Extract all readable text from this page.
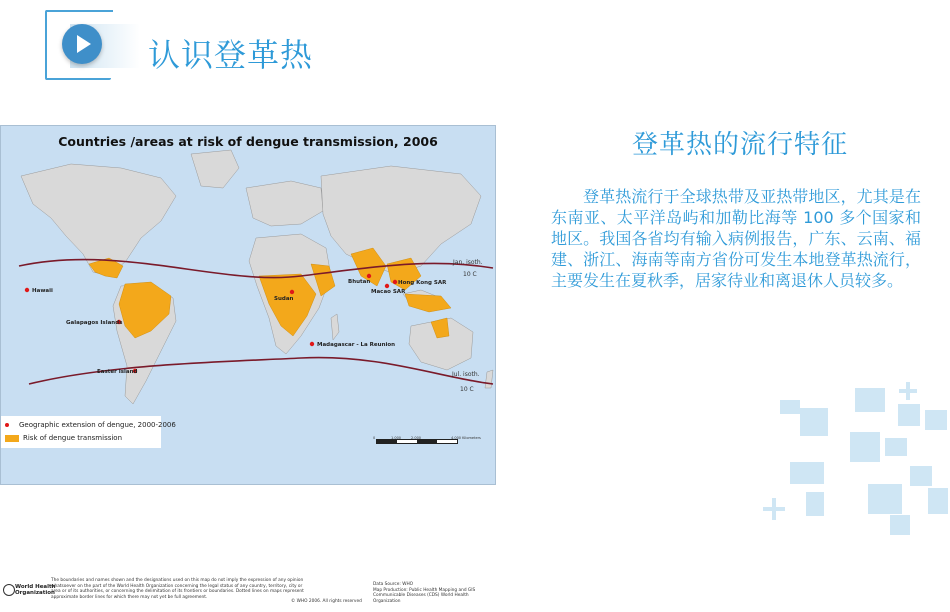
认识登革热
Hawaii
Galapagos Islands
Easter Island
Sudan
Madagascar - La Reunion
Bhutan
Macao SAR
Hong Kong SAR
Jan. isoth.
10 C
Jul. isoth.
10 C
Countries /areas at risk of dengue transmission, 2006
Geographic extension of dengue, 2000-2006
Risk of dengue transmission	0	1,000	2,000	4,000 Kilometers
World Health
Organization
The boundaries and names shown and the designations used on this map do not imply the expression of any opinion whatsoever on the part of the World Health Organization concerning the legal status of any country, territory, city or area or of its authorities, or concerning the delimitation of its frontiers or boundaries. Dotted lines on maps represent approximate border lines for which there may not yet be full agreement.
© WHO 2006. All rights reserved
Data Source: WHO
Map Production: Public Health Mapping and GIS
Communicable Diseases (CDS) World Health Organization
登革热的流行特征
登革热流行于全球热带及亚热带地区，尤其是在东南亚、太平洋岛屿和加勒比海等 100 多个国家和地区。我国各省均有输入病例报告，广东、云南、福建、浙江、海南等南方省份可发生本地登革热流行，主要发生在夏秋季，居家待业和离退休人员较多。
